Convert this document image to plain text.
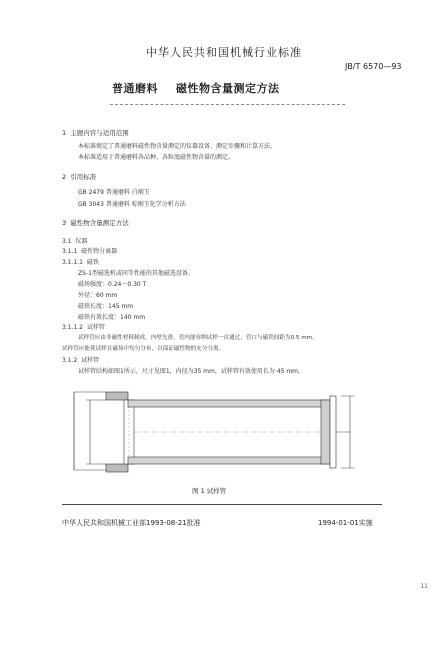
中华人民共和国机械行业标准
JB/T 6570—93
普通磨料 磁性物含量测定方法
1 主题内容与适用范围
本标准规定了普通磨料磁性物含量测定的仪器设备、测定步骤和计算方法。
本标准适用于普通磨料各品种、各粒度磁性物含量的测定。
2 引用标准
GB 2479 普通磨料 白刚玉
GB 3043 普通磨料 棕刚玉化学分析方法
3 磁性物含量测定方法
3.1 仪器
3.1.1 磁性物分离器
3.1.1.1 磁铁
ZS-1型磁选机或同等性能的其他磁选设备。
磁场强度：0.24～0.30 T
外径：60 mm
磁铁长度：145 mm
磁铁有效长度：140 mm
3.1.1.2 试样管
试样管应由非磁性材料制成，内壁光滑，管内能容纳试样一次通过，管口与磁铁间距为0.5 mm。
试样管应能使试样在磁场中均匀分布，以保证磁性物的充分分离。
3.1.2 试样管
试样管结构如图1所示，尺寸见图1，内径为35 mm，试样管有效使用长为 45 mm。
图 1 试样管
中华人民共和国机械工业部1993-08-21批准	1994-01-01实施
11
